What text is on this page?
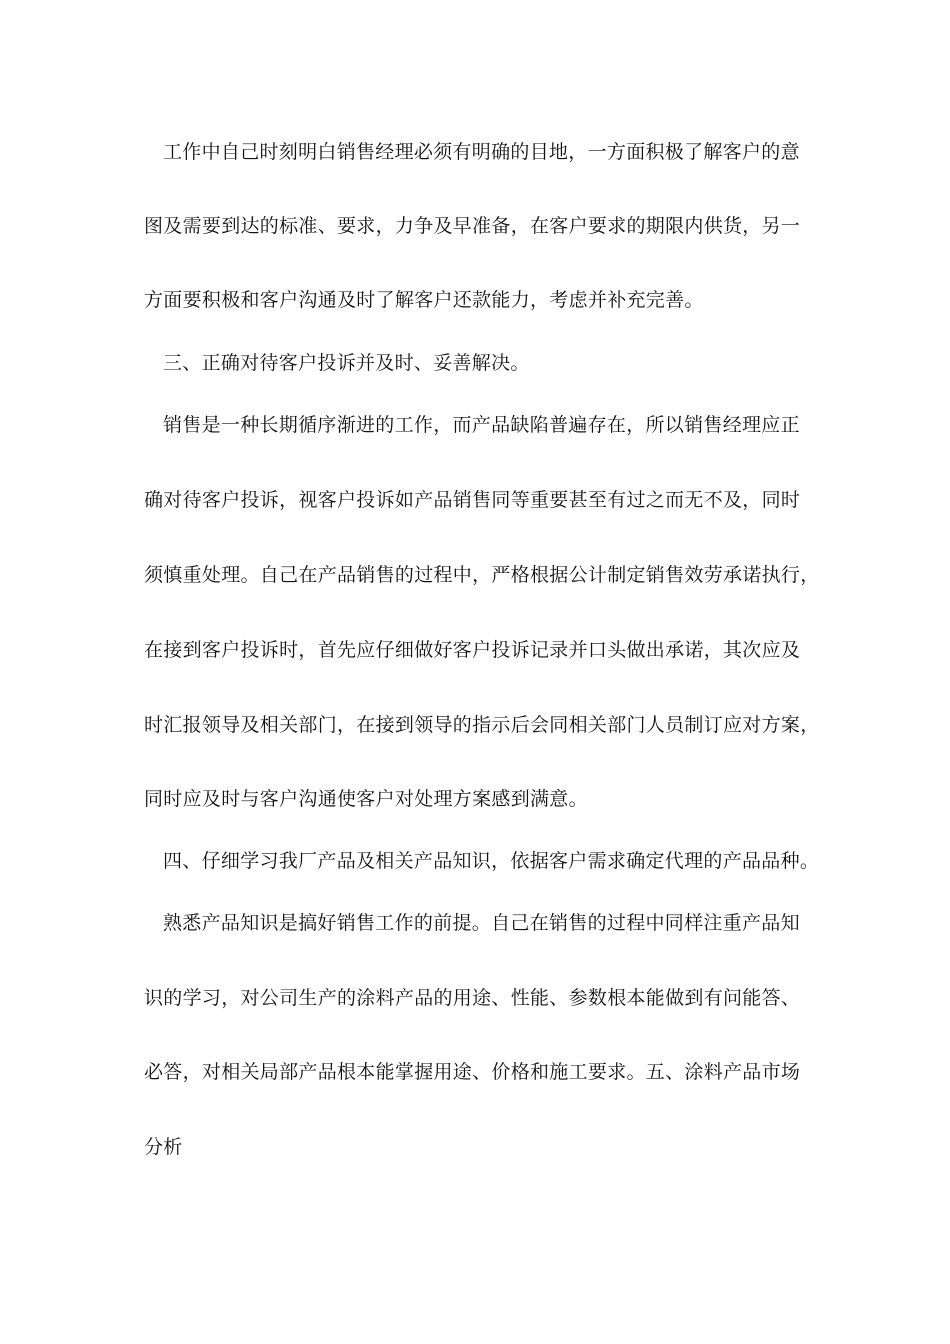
工作中自己时刻明白销售经理必须有明确的目地，一方面积极了解客户的意
图及需要到达的标准、要求，力争及早准备，在客户要求的期限内供货，另一
方面要积极和客户沟通及时了解客户还款能力，考虑并补充完善。
三、正确对待客户投诉并及时、妥善解决。
销售是一种长期循序渐进的工作，而产品缺陷普遍存在，所以销售经理应正
确对待客户投诉，视客户投诉如产品销售同等重要甚至有过之而无不及，同时
须慎重处理。自己在产品销售的过程中，严格根据公计制定销售效劳承诺执行，
在接到客户投诉时，首先应仔细做好客户投诉记录并口头做出承诺，其次应及
时汇报领导及相关部门，在接到领导的指示后会同相关部门人员制订应对方案，
同时应及时与客户沟通使客户对处理方案感到满意。
四、仔细学习我厂产品及相关产品知识，依据客户需求确定代理的产品品种。
熟悉产品知识是搞好销售工作的前提。自己在销售的过程中同样注重产品知
识的学习，对公司生产的涂料产品的用途、性能、参数根本能做到有问能答、
必答，对相关局部产品根本能掌握用途、价格和施工要求。五、涂料产品市场
分析
